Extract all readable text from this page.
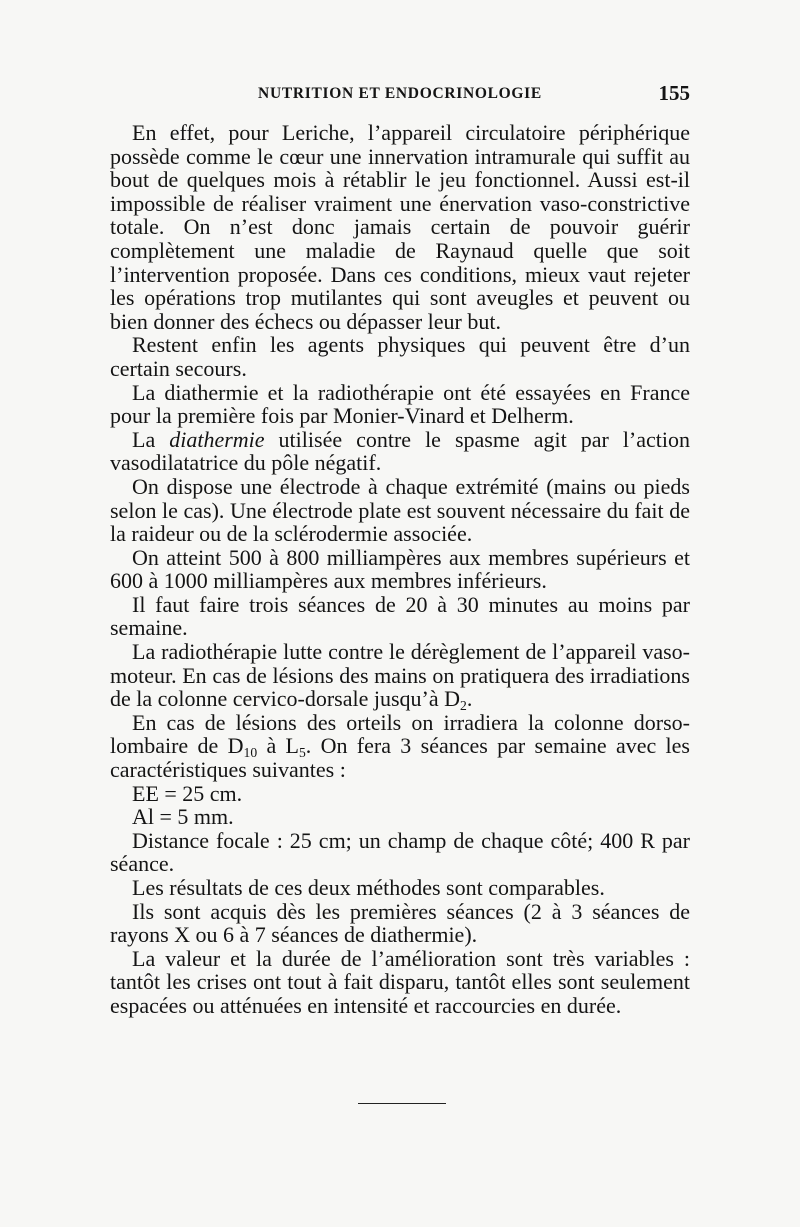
NUTRITION ET ENDOCRINOLOGIE	155

En effet, pour Leriche, l’appareil circulatoire périphérique possède comme le cœur une innervation intramurale qui suffit au bout de quelques mois à rétablir le jeu fonctionnel. Aussi est-il impossible de réaliser vraiment une énervation vaso-constrictive totale. On n’est donc jamais certain de pouvoir guérir complètement une maladie de Raynaud quelle que soit l’intervention proposée. Dans ces conditions, mieux vaut rejeter les opérations trop mutilantes qui sont aveugles et peuvent ou bien donner des échecs ou dépasser leur but.

Restent enfin les agents physiques qui peuvent être d’un certain secours.

La diathermie et la radiothérapie ont été essayées en France pour la première fois par Monier-Vinard et Delherm.

La diathermie utilisée contre le spasme agit par l’action vasodilatatrice du pôle négatif.

On dispose une électrode à chaque extrémité (mains ou pieds selon le cas). Une électrode plate est souvent nécessaire du fait de la raideur ou de la sclérodermie associée.

On atteint 500 à 800 milliampères aux membres supérieurs et 600 à 1000 milliampères aux membres inférieurs.

Il faut faire trois séances de 20 à 30 minutes au moins par semaine.

La radiothérapie lutte contre le dérèglement de l’appareil vaso-moteur. En cas de lésions des mains on pratiquera des irradiations de la colonne cervico-dorsale jusqu’à $D_2$.

En cas de lésions des orteils on irradiera la colonne dorso-lombaire de $D_{10}$ à $L_5$. On fera 3 séances par semaine avec les caractéristiques suivantes :

EE = 25 cm.

Al = 5 mm.

Distance focale : 25 cm; un champ de chaque côté; 400 R par séance.

Les résultats de ces deux méthodes sont comparables.

Ils sont acquis dès les premières séances (2 à 3 séances de rayons X ou 6 à 7 séances de diathermie).

La valeur et la durée de l’amélioration sont très variables : tantôt les crises ont tout à fait disparu, tantôt elles sont seulement espacées ou atténuées en intensité et raccourcies en durée.
